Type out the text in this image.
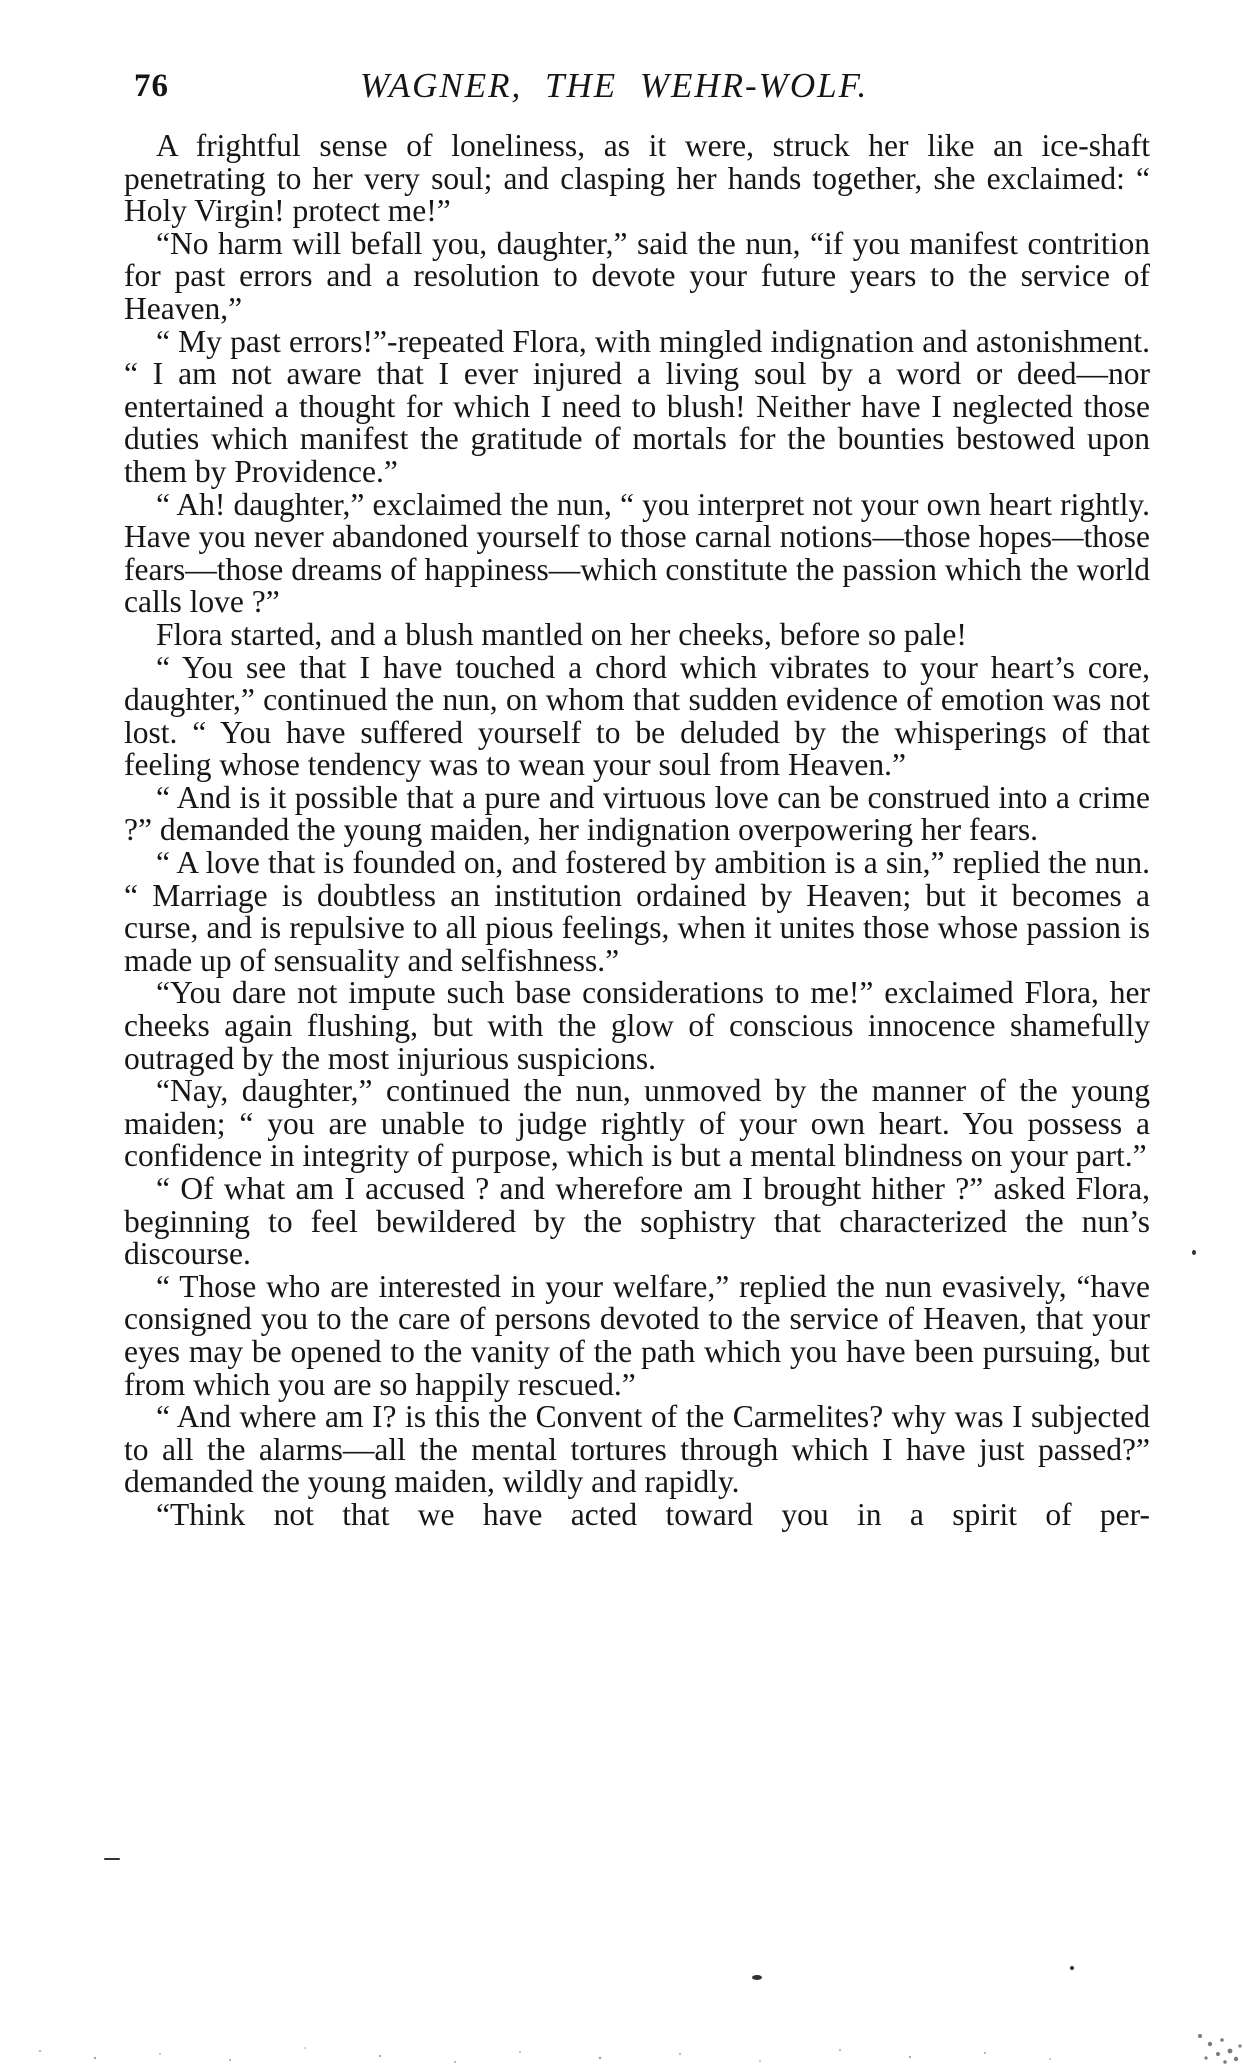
76	WAGNER, THE WEHR-WOLF.

A frightful sense of loneliness, as it were, struck her like an ice-shaft penetrating to her very soul; and clasping her hands together, she exclaimed: “ Holy Virgin! protect me!”

“No harm will befall you, daughter,” said the nun, “if you manifest contrition for past errors and a resolution to devote your future years to the service of Heaven,”

“ My past errors!”-repeated Flora, with mingled indignation and astonishment. “ I am not aware that I ever injured a living soul by a word or deed—nor entertained a thought for which I need to blush! Neither have I neglected those duties which manifest the gratitude of mortals for the bounties bestowed upon them by Providence.”

“ Ah! daughter,” exclaimed the nun, “ you interpret not your own heart rightly. Have you never abandoned yourself to those carnal notions—those hopes—those fears—those dreams of happiness—which constitute the passion which the world calls love ?”

Flora started, and a blush mantled on her cheeks, before so pale!

“ You see that I have touched a chord which vibrates to your heart’s core, daughter,” continued the nun, on whom that sudden evidence of emotion was not lost. “ You have suffered yourself to be deluded by the whisperings of that feeling whose tendency was to wean your soul from Heaven.”

“ And is it possible that a pure and virtuous love can be construed into a crime ?” demanded the young maiden, her indignation overpowering her fears.

“ A love that is founded on, and fostered by ambition is a sin,” replied the nun. “ Marriage is doubtless an institution ordained by Heaven; but it becomes a curse, and is repulsive to all pious feelings, when it unites those whose passion is made up of sensuality and selfishness.”

“You dare not impute such base considerations to me!” exclaimed Flora, her cheeks again flushing, but with the glow of conscious innocence shamefully outraged by the most injurious suspicions.

“Nay, daughter,” continued the nun, unmoved by the manner of the young maiden; “ you are unable to judge rightly of your own heart. You possess a confidence in integrity of purpose, which is but a mental blindness on your part.”

“ Of what am I accused ? and wherefore am I brought hither ?” asked Flora, beginning to feel bewildered by the sophistry that characterized the nun’s discourse.

“ Those who are interested in your welfare,” replied the nun evasively, “have consigned you to the care of persons devoted to the service of Heaven, that your eyes may be opened to the vanity of the path which you have been pursuing, but from which you are so happily rescued.”

“ And where am I? is this the Convent of the Carmelites? why was I subjected to all the alarms—all the mental tortures through which I have just passed?” demanded the young maiden, wildly and rapidly.

“Think not that we have acted toward you in a spirit of per-
